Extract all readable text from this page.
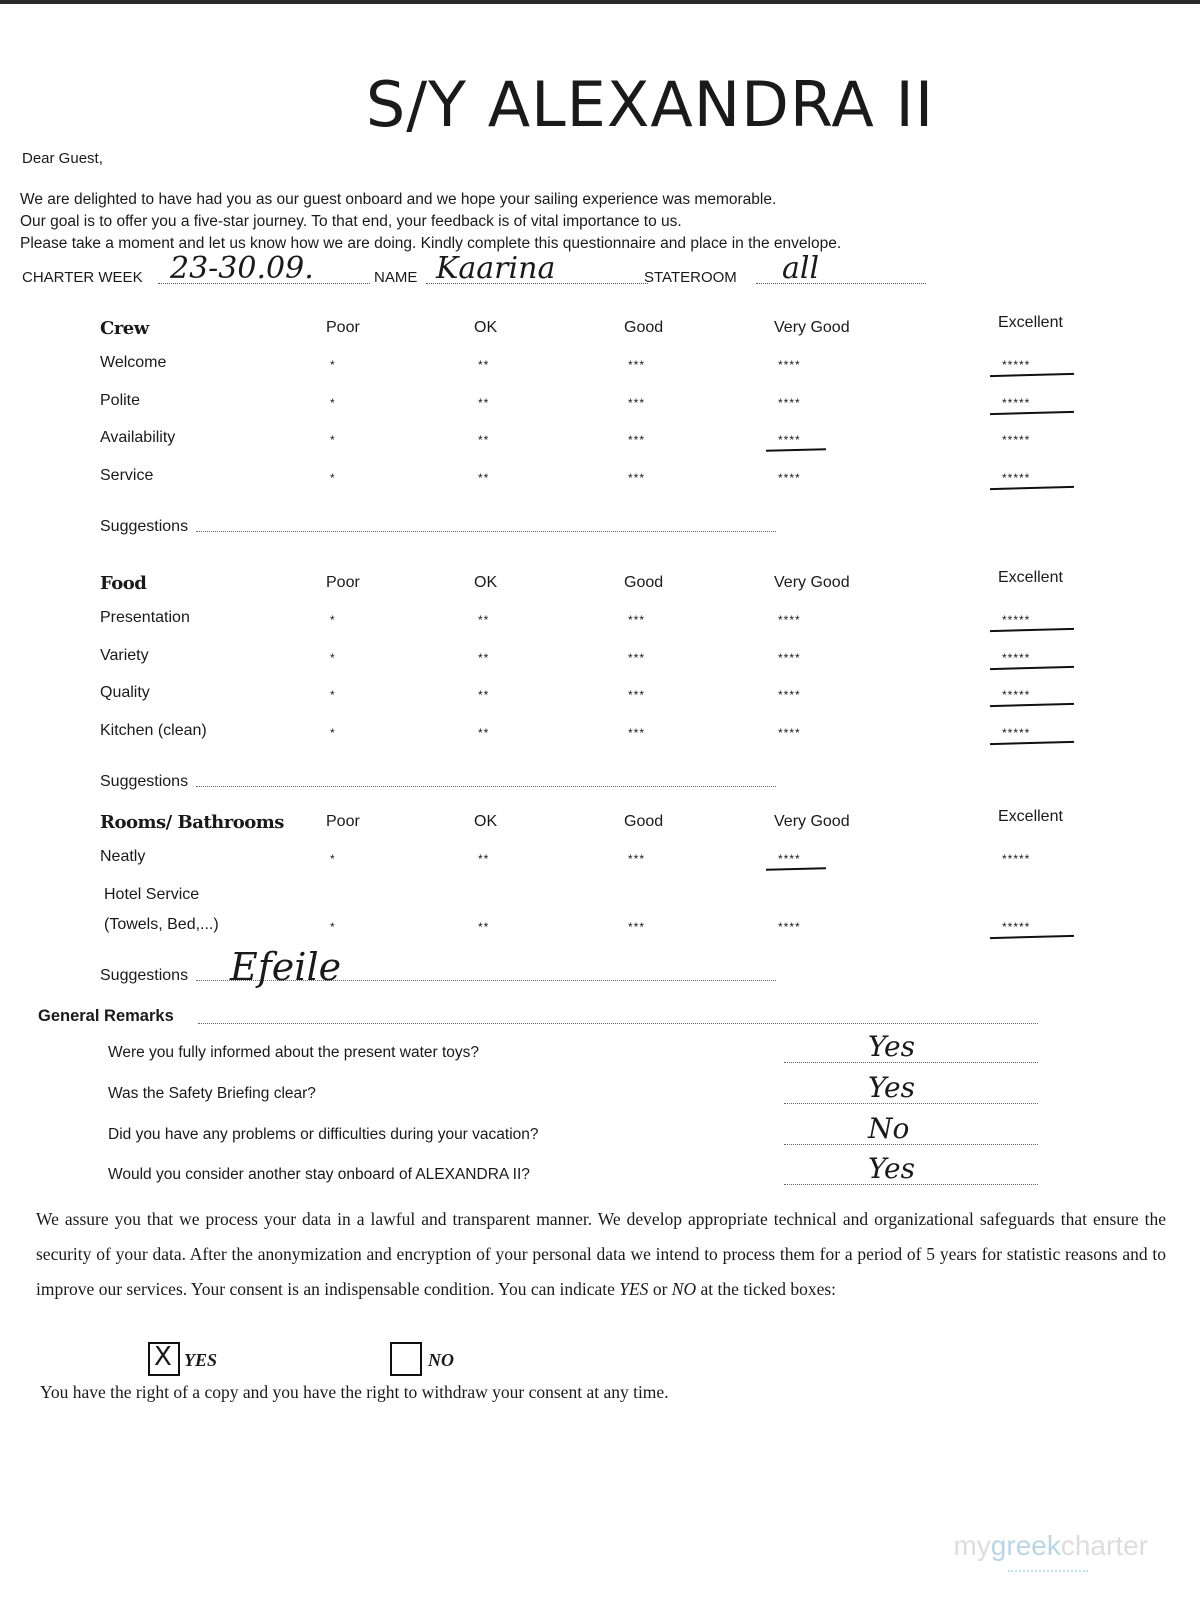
S/Y ALEXANDRA II
Dear Guest,
We are delighted to have had you as our guest onboard and we hope your sailing experience was memorable.
Our goal is to offer you a five-star journey. To that end, your feedback is of vital importance to us.
Please take a moment and let us know how we are doing. Kindly complete this questionnaire and place in the envelope.
CHARTER WEEK 23-30.09.	NAME Kaarina	STATEROOM all
Crew	Poor	OK	Good	Very Good	Excellent
Welcome	*	**	***	****	*****
Polite	*	**	***	****	*****
Availability	*	**	***	****	*****
Service	*	**	***	****	*****
Suggestions
Food	Poor	OK	Good	Very Good	Excellent
Presentation	*	**	***	****	*****
Variety	*	**	***	****	*****
Quality	*	**	***	****	*****
Kitchen (clean)	*	**	***	****	*****
Suggestions
Rooms/ Bathrooms	Poor	OK	Good	Very Good	Excellent
Neatly	*	**	***	****	*****
Hotel Service
(Towels, Bed,...)	*	**	***	****	*****
Suggestions Efeile
General Remarks
Were you fully informed about the present water toys?	Yes
Was the Safety Briefing clear?	Yes
Did you have any problems or difficulties during your vacation?	No
Would you consider another stay onboard of ALEXANDRA II?	Yes
We assure you that we process your data in a lawful and transparent manner. We develop appropriate technical and organizational safeguards that ensure the security of your data. After the anonymization and encryption of your personal data we intend to process them for a period of 5 years for statistic reasons and to improve our services. Your consent is an indispensable condition. You can indicate YES or NO at the ticked boxes:
X YES	NO
You have the right of a copy and you have the right to withdraw your consent at any time.
mygreekcharter
